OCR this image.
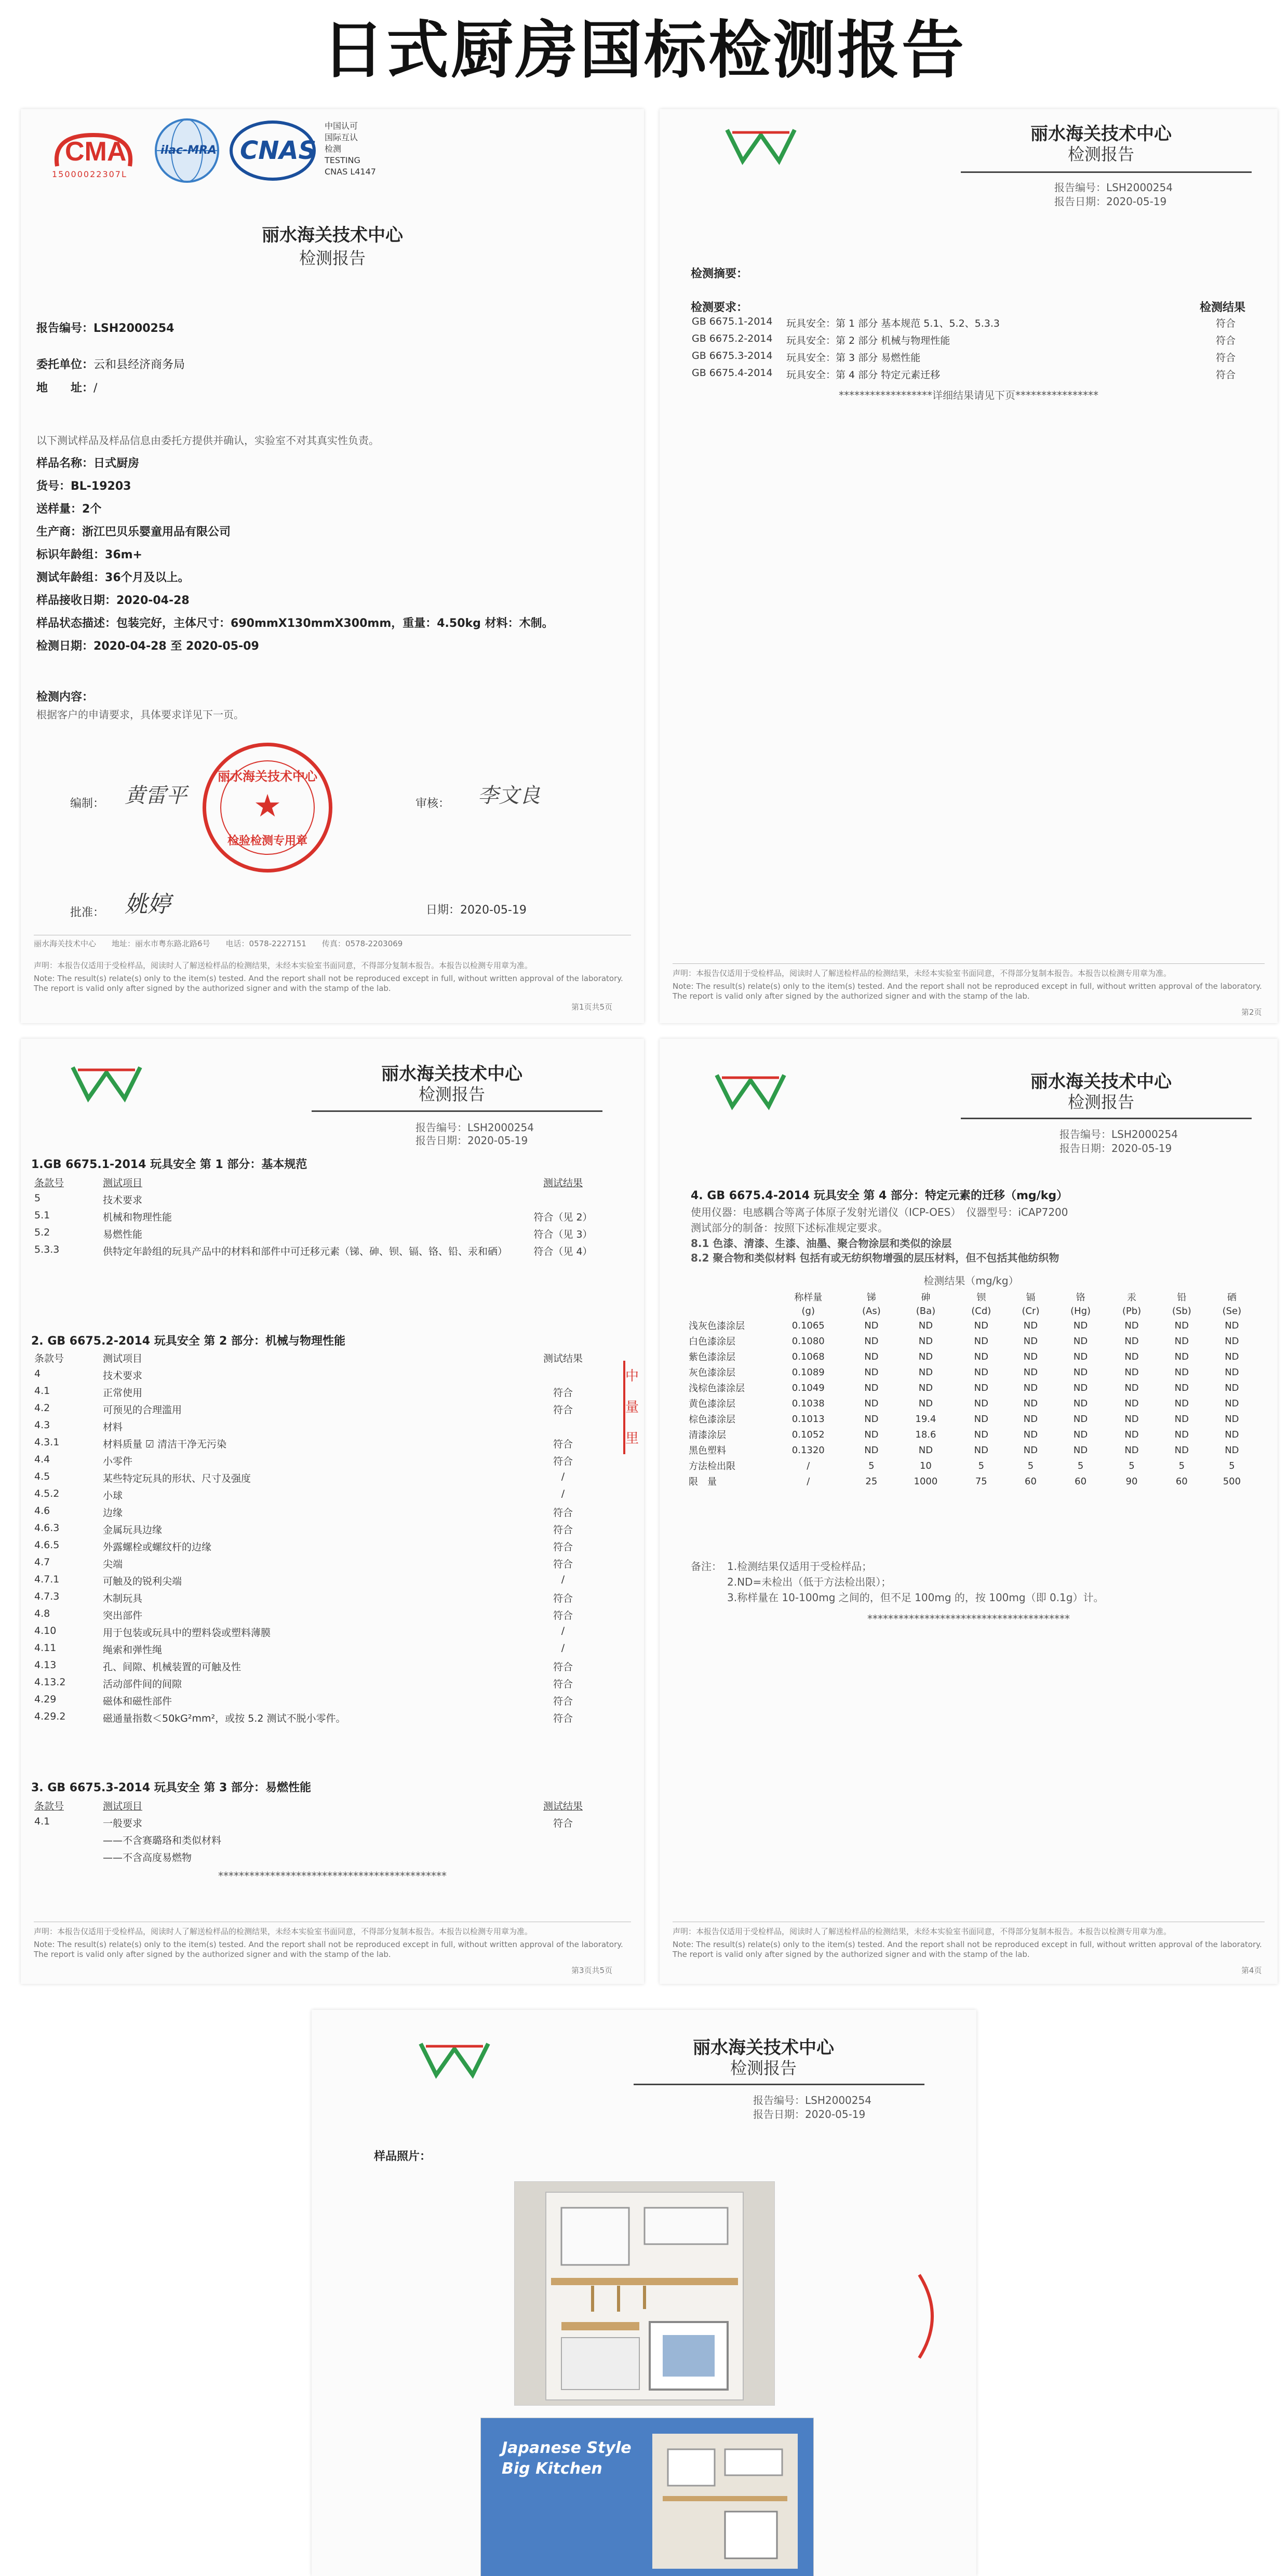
日式厨房国标检测报告
CMA
15000022307L
ilac-MRA CNAS
中国认可
国际互认
检测
TESTING
CNAS L4147
丽水海关技术中心
检测报告
报告编号：LSH2000254
委托单位：云和县经济商务局
地　　址：/
以下测试样品及样品信息由委托方提供并确认，实验室不对其真实性负责。
样品名称：日式厨房
货号：BL-19203
送样量：2个
生产商：浙江巴贝乐婴童用品有限公司
标识年龄组：36m+
测试年龄组：36个月及以上。
样品接收日期：2020-04-28
样品状态描述：包装完好，主体尺寸：690mmX130mmX300mm，重量：4.50kg 材料：木制。
检测日期：2020-04-28 至 2020-05-09
检测内容：
根据客户的申请要求，具体要求详见下一页。
编制： 黄雷平
丽水海关技术中心
★
检验检测专用章
审核： 李文良
批准： 姚婷	日期：2020-05-19
丽水海关技术中心　　地址：丽水市粤东路北路6号　　电话：0578-2227151　　传真：0578-2203069
声明：本报告仅适用于受检样品，阅读时人了解送检样品的检测结果，未经本实验室书面同意，不得部分复制本报告。本报告以检测专用章为准。
Note: The result(s) relate(s) only to the item(s) tested. And the report shall not be reproduced except in full, without written approval of the laboratory. The report is valid only after signed by the authorized signer and with the stamp of the lab.
第1页共5页
丽水海关技术中心
检测报告
报告编号：LSH2000254
报告日期：2020-05-19
检测摘要：
检测要求：	检测结果
GB 6675.1-2014	玩具安全：第 1 部分 基本规范 5.1、5.2、5.3.3	符合
GB 6675.2-2014	玩具安全：第 2 部分 机械与物理性能	符合
GB 6675.3-2014	玩具安全：第 3 部分 易燃性能	符合
GB 6675.4-2014	玩具安全：第 4 部分 特定元素迁移	符合
******************详细结果请见下页****************
声明：本报告仅适用于受检样品，阅读时人了解送检样品的检测结果，未经本实验室书面同意，不得部分复制本报告。本报告以检测专用章为准。
Note: The result(s) relate(s) only to the item(s) tested. And the report shall not be reproduced except in full, without written approval of the laboratory. The report is valid only after signed by the authorized signer and with the stamp of the lab.
第2页
丽水海关技术中心
检测报告
报告编号：LSH2000254
报告日期：2020-05-19
1.GB 6675.1-2014 玩具安全 第 1 部分：基本规范
条款号	测试项目	测试结果
5	技术要求	
5.1	机械和物理性能	符合（见 2）
5.2	易燃性能	符合（见 3）
5.3.3	供特定年龄组的玩具产品中的材料和部件中可迁移元素（锑、砷、钡、镉、铬、铅、汞和硒）	符合（见 4）
2. GB 6675.2-2014 玩具安全 第 2 部分：机械与物理性能
条款号	测试项目	测试结果
4	技术要求	
4.1	正常使用	符合
4.2	可预见的合理滥用	符合
4.3	材料	
4.3.1	材料质量 ☑ 清洁干净无污染	符合
4.4	小零件	符合
4.5	某些特定玩具的形状、尺寸及强度	/
4.5.2	小球	/
4.6	边缘	符合
4.6.3	金属玩具边缘	符合
4.6.5	外露螺栓或螺纹杆的边缘	符合
4.7	尖端	符合
4.7.1	可触及的锐利尖端	/
4.7.3	木制玩具	符合
4.8	突出部件	符合
4.10	用于包装或玩具中的塑料袋或塑料薄膜	/
4.11	绳索和弹性绳	/
4.13	孔、间隙、机械装置的可触及性	符合
4.13.2	活动部件间的间隙	符合
4.29	磁体和磁性部件	符合
4.29.2	磁通量指数＜50kG²mm²，或按 5.2 测试不脱小零件。	符合
3. GB 6675.3-2014 玩具安全 第 3 部分：易燃性能
条款号	测试项目	测试结果
4.1	一般要求	符合
	——不含赛璐珞和类似材料	
	——不含高度易燃物	
********************************************
中
量
里
声明：本报告仅适用于受检样品，阅读时人了解送检样品的检测结果，未经本实验室书面同意，不得部分复制本报告。本报告以检测专用章为准。
Note: The result(s) relate(s) only to the item(s) tested. And the report shall not be reproduced except in full, without written approval of the laboratory. The report is valid only after signed by the authorized signer and with the stamp of the lab.
第3页共5页
丽水海关技术中心
检测报告
报告编号：LSH2000254
报告日期：2020-05-19
4. GB 6675.4-2014 玩具安全 第 4 部分：特定元素的迁移（mg/kg）
使用仪器：电感耦合等离子体原子发射光谱仪（ICP-OES）　仪器型号：iCAP7200
测试部分的制备：按照下述标准规定要求。
8.1 色漆、清漆、生漆、油墨、聚合物涂层和类似的涂层
8.2 聚合物和类似材料 包括有或无纺织物增强的层压材料，但不包括其他纺织物
检测结果（mg/kg）
	称样量	锑	砷	钡	镉	铬	汞	铅	硒
	(g)	(As)	(Ba)	(Cd)	(Cr)	(Hg)	(Pb)	(Sb)	(Se)
浅灰色漆涂层	0.1065	ND	ND	ND	ND	ND	ND	ND	ND
白色漆涂层	0.1080	ND	ND	ND	ND	ND	ND	ND	ND
紫色漆涂层	0.1068	ND	ND	ND	ND	ND	ND	ND	ND
灰色漆涂层	0.1089	ND	ND	ND	ND	ND	ND	ND	ND
浅棕色漆涂层	0.1049	ND	ND	ND	ND	ND	ND	ND	ND
黄色漆涂层	0.1038	ND	ND	ND	ND	ND	ND	ND	ND
棕色漆涂层	0.1013	ND	19.4	ND	ND	ND	ND	ND	ND
清漆涂层	0.1052	ND	18.6	ND	ND	ND	ND	ND	ND
黑色塑料	0.1320	ND	ND	ND	ND	ND	ND	ND	ND
方法检出限	/	5	10	5	5	5	5	5	5
限　量	/	25	1000	75	60	60	90	60	500
备注： 1.检测结果仅适用于受检样品；
2.ND=未检出（低于方法检出限）；
3.称样量在 10-100mg 之间的，但不足 100mg 的，按 100mg（即 0.1g）计。
***************************************
声明：本报告仅适用于受检样品，阅读时人了解送检样品的检测结果，未经本实验室书面同意，不得部分复制本报告。本报告以检测专用章为准。
Note: The result(s) relate(s) only to the item(s) tested. And the report shall not be reproduced except in full, without written approval of the laboratory. The report is valid only after signed by the authorized signer and with the stamp of the lab.
第4页
丽水海关技术中心
检测报告
报告编号：LSH2000254
报告日期：2020-05-19
样品照片：
Japanese Style
Big Kitchen
